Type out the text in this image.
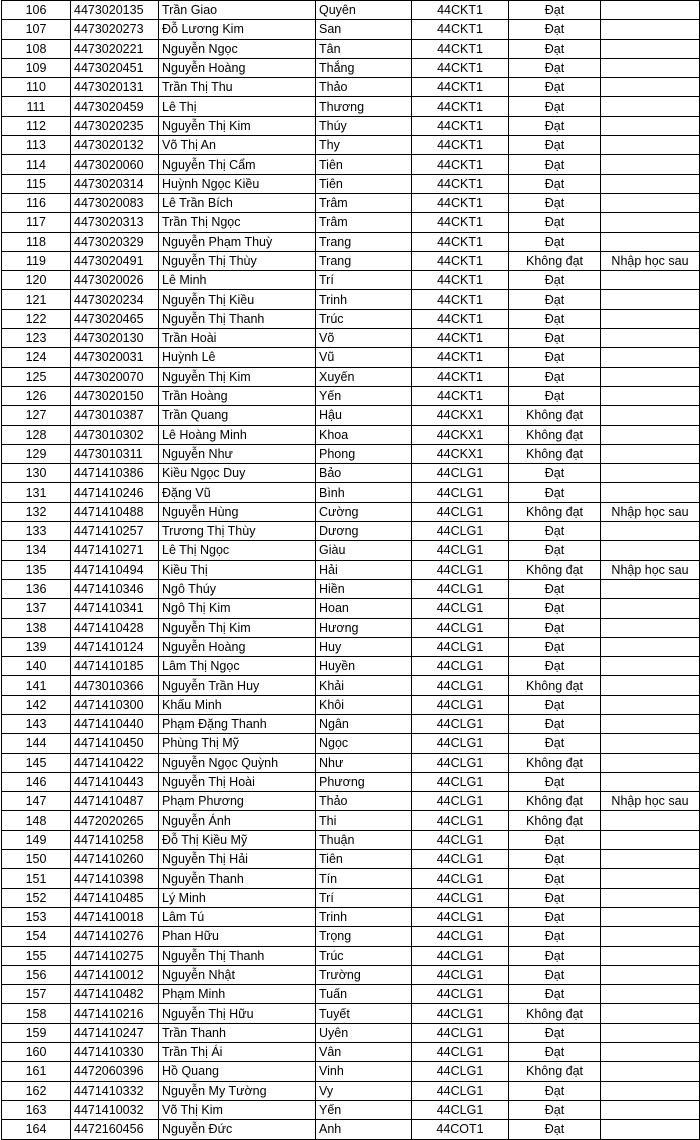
106	4473020135	Trần Giao	Quyên	44CKT1	Đạt	
107	4473020273	Đỗ Lương Kim	San	44CKT1	Đạt	
108	4473020221	Nguyễn Ngọc	Tân	44CKT1	Đạt	
109	4473020451	Nguyễn Hoàng	Thắng	44CKT1	Đạt	
110	4473020131	Trần Thị Thu	Thảo	44CKT1	Đạt	
111	4473020459	Lê Thị	Thương	44CKT1	Đạt	
112	4473020235	Nguyễn Thị Kim	Thúy	44CKT1	Đạt	
113	4473020132	Võ Thị An	Thy	44CKT1	Đạt	
114	4473020060	Nguyễn Thị Cẩm	Tiên	44CKT1	Đạt	
115	4473020314	Huỳnh Ngọc Kiều	Tiên	44CKT1	Đạt	
116	4473020083	Lê Trần Bích	Trâm	44CKT1	Đạt	
117	4473020313	Trần Thị Ngọc	Trâm	44CKT1	Đạt	
118	4473020329	Nguyễn Phạm Thuỳ	Trang	44CKT1	Đạt	
119	4473020491	Nguyễn Thị Thùy	Trang	44CKT1	Không đạt	Nhập học sau
120	4473020026	Lê Minh	Trí	44CKT1	Đạt	
121	4473020234	Nguyễn Thị Kiều	Trinh	44CKT1	Đạt	
122	4473020465	Nguyễn Thị Thanh	Trúc	44CKT1	Đạt	
123	4473020130	Trần Hoài	Võ	44CKT1	Đạt	
124	4473020031	Huỳnh Lê	Vũ	44CKT1	Đạt	
125	4473020070	Nguyễn Thị Kim	Xuyến	44CKT1	Đạt	
126	4473020150	Trần Hoàng	Yến	44CKT1	Đạt	
127	4473010387	Trần Quang	Hậu	44CKX1	Không đạt	
128	4473010302	Lê Hoàng Minh	Khoa	44CKX1	Không đạt	
129	4473010311	Nguyễn Như	Phong	44CKX1	Không đạt	
130	4471410386	Kiều Ngọc Duy	Bảo	44CLG1	Đạt	
131	4471410246	Đặng Vũ	Bình	44CLG1	Đạt	
132	4471410488	Nguyễn Hùng	Cường	44CLG1	Không đạt	Nhập học sau
133	4471410257	Trương Thị Thùy	Dương	44CLG1	Đạt	
134	4471410271	Lê Thị Ngọc	Giàu	44CLG1	Đạt	
135	4471410494	Kiều Thị	Hải	44CLG1	Không đạt	Nhập học sau
136	4471410346	Ngô Thúy	Hiền	44CLG1	Đạt	
137	4471410341	Ngô Thị Kim	Hoan	44CLG1	Đạt	
138	4471410428	Nguyễn Thị Kim	Hương	44CLG1	Đạt	
139	4471410124	Nguyễn Hoàng	Huy	44CLG1	Đạt	
140	4471410185	Lâm Thị Ngọc	Huyền	44CLG1	Đạt	
141	4473010366	Nguyễn Trần Huy	Khải	44CLG1	Không đạt	
142	4471410300	Khấu Minh	Khôi	44CLG1	Đạt	
143	4471410440	Phạm Đặng Thanh	Ngân	44CLG1	Đạt	
144	4471410450	Phùng Thị Mỹ	Ngọc	44CLG1	Đạt	
145	4471410422	Nguyễn Ngọc Quỳnh	Như	44CLG1	Không đạt	
146	4471410443	Nguyễn Thị Hoài	Phương	44CLG1	Đạt	
147	4471410487	Phạm Phương	Thảo	44CLG1	Không đạt	Nhập học sau
148	4472020265	Nguyễn Ánh	Thi	44CLG1	Không đạt	
149	4471410258	Đỗ Thị Kiều Mỹ	Thuận	44CLG1	Đạt	
150	4471410260	Nguyễn Thị Hải	Tiên	44CLG1	Đạt	
151	4471410398	Nguyễn Thanh	Tín	44CLG1	Đạt	
152	4471410485	Lý Minh	Trí	44CLG1	Đạt	
153	4471410018	Lâm Tú	Trinh	44CLG1	Đạt	
154	4471410276	Phan Hữu	Trọng	44CLG1	Đạt	
155	4471410275	Nguyễn Thị Thanh	Trúc	44CLG1	Đạt	
156	4471410012	Nguyễn Nhật	Trường	44CLG1	Đạt	
157	4471410482	Phạm Minh	Tuấn	44CLG1	Đạt	
158	4471410216	Nguyễn Thị Hữu	Tuyết	44CLG1	Không đạt	
159	4471410247	Trần Thanh	Uyên	44CLG1	Đạt	
160	4471410330	Trần Thị Ái	Vân	44CLG1	Đạt	
161	4472060396	Hồ Quang	Vinh	44CLG1	Không đạt	
162	4471410332	Nguyễn My Tường	Vy	44CLG1	Đạt	
163	4471410032	Võ Thị Kim	Yến	44CLG1	Đạt	
164	4472160456	Nguyễn Đức	Anh	44COT1	Đạt	
